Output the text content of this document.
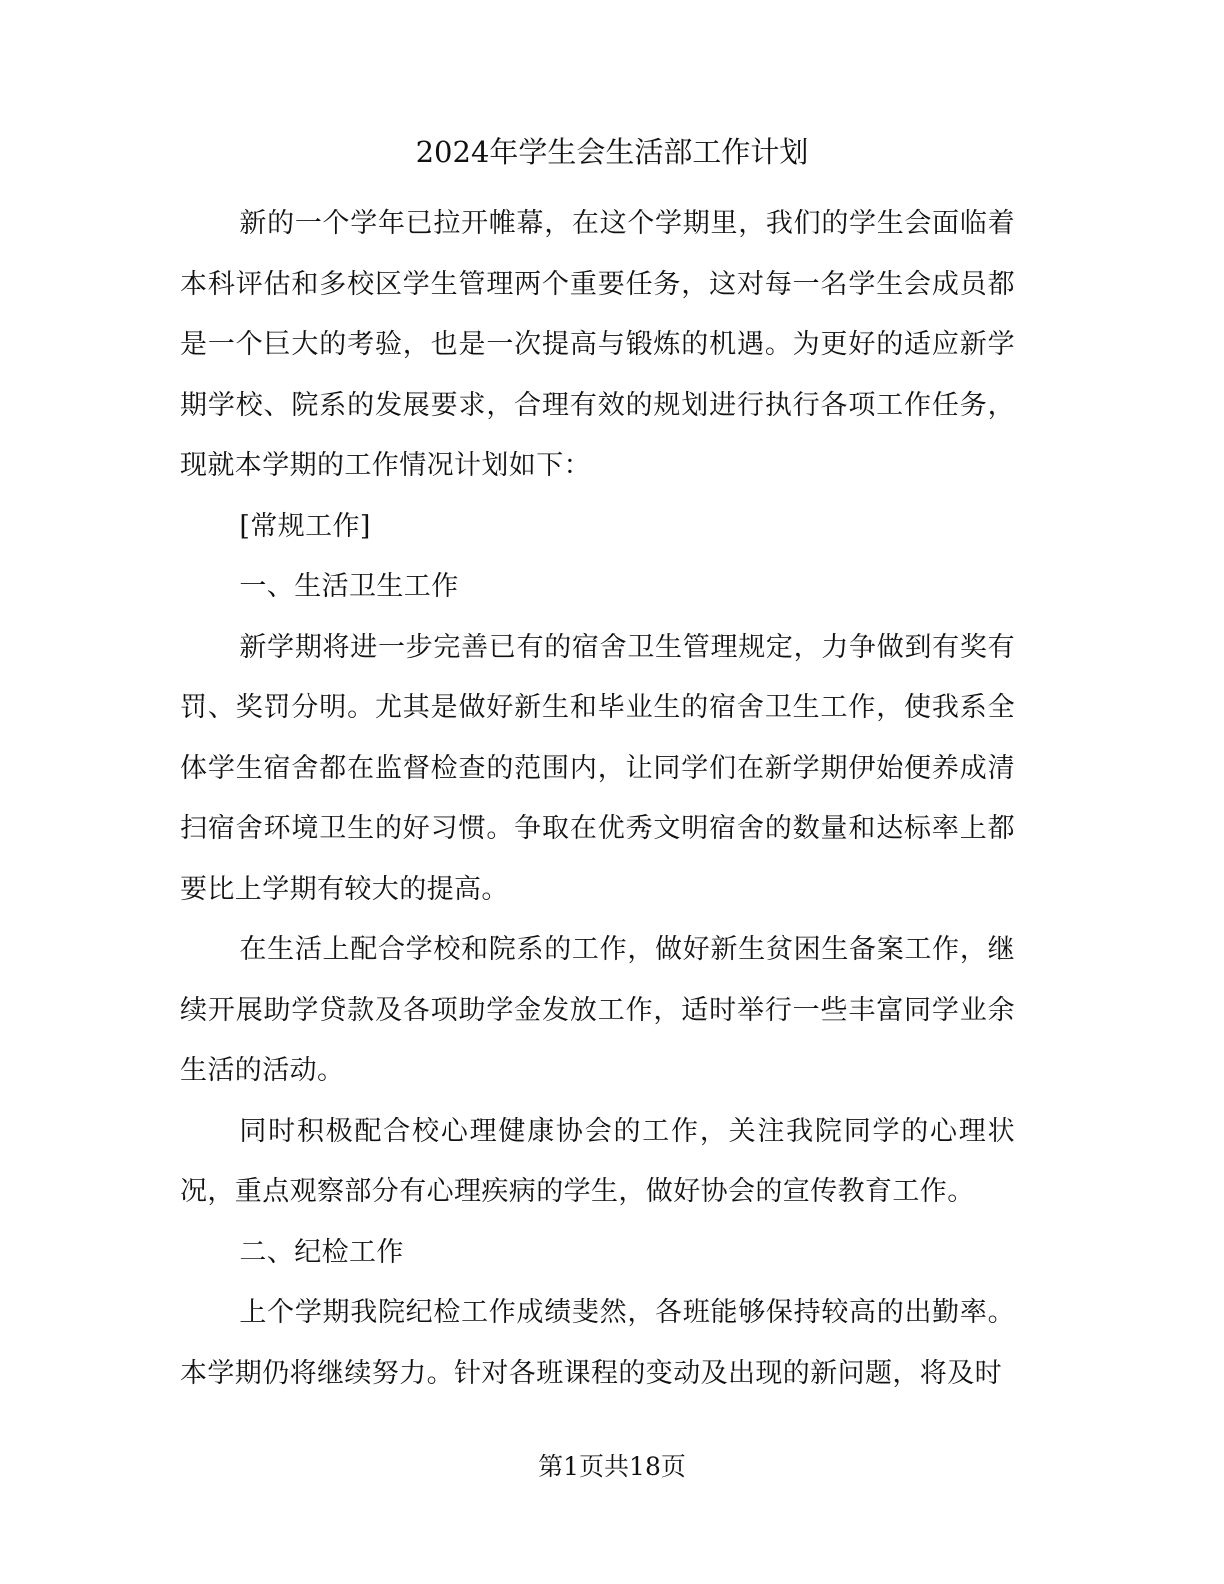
2024年学生会生活部工作计划

新的一个学年已拉开帷幕，在这个学期里，我们的学生会面临着本科评估和多校区学生管理两个重要任务，这对每一名学生会成员都是一个巨大的考验，也是一次提高与锻炼的机遇。为更好的适应新学期学校、院系的发展要求，合理有效的规划进行执行各项工作任务，现就本学期的工作情况计划如下：

[常规工作]

一、生活卫生工作

新学期将进一步完善已有的宿舍卫生管理规定，力争做到有奖有罚、奖罚分明。尤其是做好新生和毕业生的宿舍卫生工作，使我系全体学生宿舍都在监督检查的范围内，让同学们在新学期伊始便养成清扫宿舍环境卫生的好习惯。争取在优秀文明宿舍的数量和达标率上都要比上学期有较大的提高。

在生活上配合学校和院系的工作，做好新生贫困生备案工作，继续开展助学贷款及各项助学金发放工作，适时举行一些丰富同学业余生活的活动。

同时积极配合校心理健康协会的工作，关注我院同学的心理状况，重点观察部分有心理疾病的学生，做好协会的宣传教育工作。

二、纪检工作

上个学期我院纪检工作成绩斐然，各班能够保持较高的出勤率。本学期仍将继续努力。针对各班课程的变动及出现的新问题，将及时

第1页共18页
